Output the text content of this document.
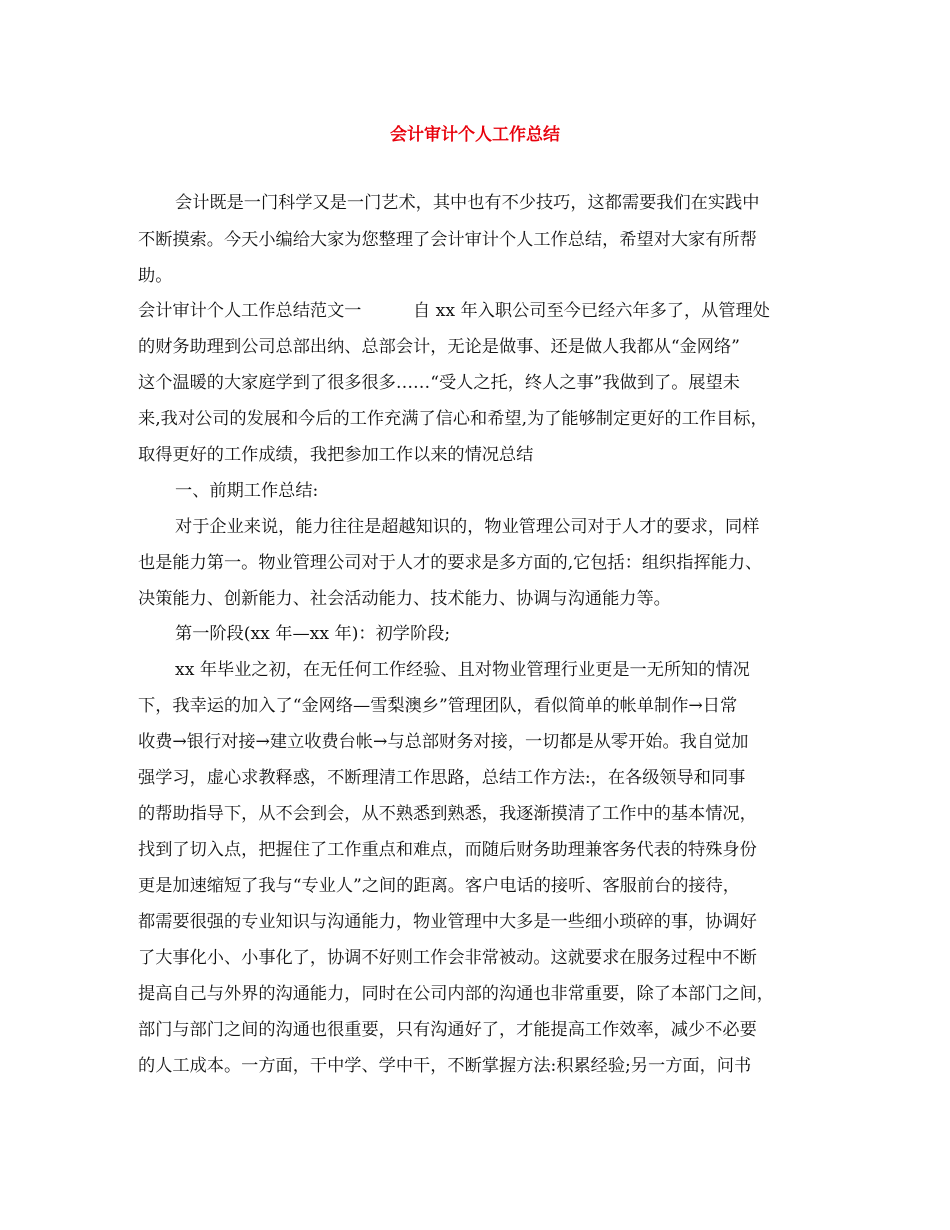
会计审计个人工作总结

会计既是一门科学又是一门艺术，其中也有不少技巧，这都需要我们在实践中

不断摸索。今天小编给大家为您整理了会计审计个人工作总结，希望对大家有所帮

助。

会计审计个人工作总结范文一　　　自 xx 年入职公司至今已经六年多了，从管理处

的财务助理到公司总部出纳、总部会计，无论是做事、还是做人我都从“金网络”

这个温暖的大家庭学到了很多很多……“受人之托，终人之事”我做到了。展望未

来,我对公司的发展和今后的工作充满了信心和希望,为了能够制定更好的工作目标，

取得更好的工作成绩，我把参加工作以来的情况总结

一、前期工作总结:

对于企业来说，能力往往是超越知识的，物业管理公司对于人才的要求，同样

也是能力第一。物业管理公司对于人才的要求是多方面的,它包括：组织指挥能力、

决策能力、创新能力、社会活动能力、技术能力、协调与沟通能力等。

第一阶段(xx 年—xx 年)：初学阶段;

xx 年毕业之初，在无任何工作经验、且对物业管理行业更是一无所知的情况

下，我幸运的加入了“金网络—雪梨澳乡”管理团队，看似简单的帐单制作→日常

收费→银行对接→建立收费台帐→与总部财务对接，一切都是从零开始。我自觉加

强学习，虚心求教释惑，不断理清工作思路，总结工作方法:，在各级领导和同事

的帮助指导下，从不会到会，从不熟悉到熟悉，我逐渐摸清了工作中的基本情况，

找到了切入点，把握住了工作重点和难点，而随后财务助理兼客务代表的特殊身份

更是加速缩短了我与“专业人”之间的距离。客户电话的接听、客服前台的接待，

都需要很强的专业知识与沟通能力，物业管理中大多是一些细小琐碎的事，协调好

了大事化小、小事化了，协调不好则工作会非常被动。这就要求在服务过程中不断

提高自己与外界的沟通能力，同时在公司内部的沟通也非常重要，除了本部门之间，

部门与部门之间的沟通也很重要，只有沟通好了，才能提高工作效率，减少不必要

的人工成本。一方面，干中学、学中干，不断掌握方法:积累经验;另一方面，问书
